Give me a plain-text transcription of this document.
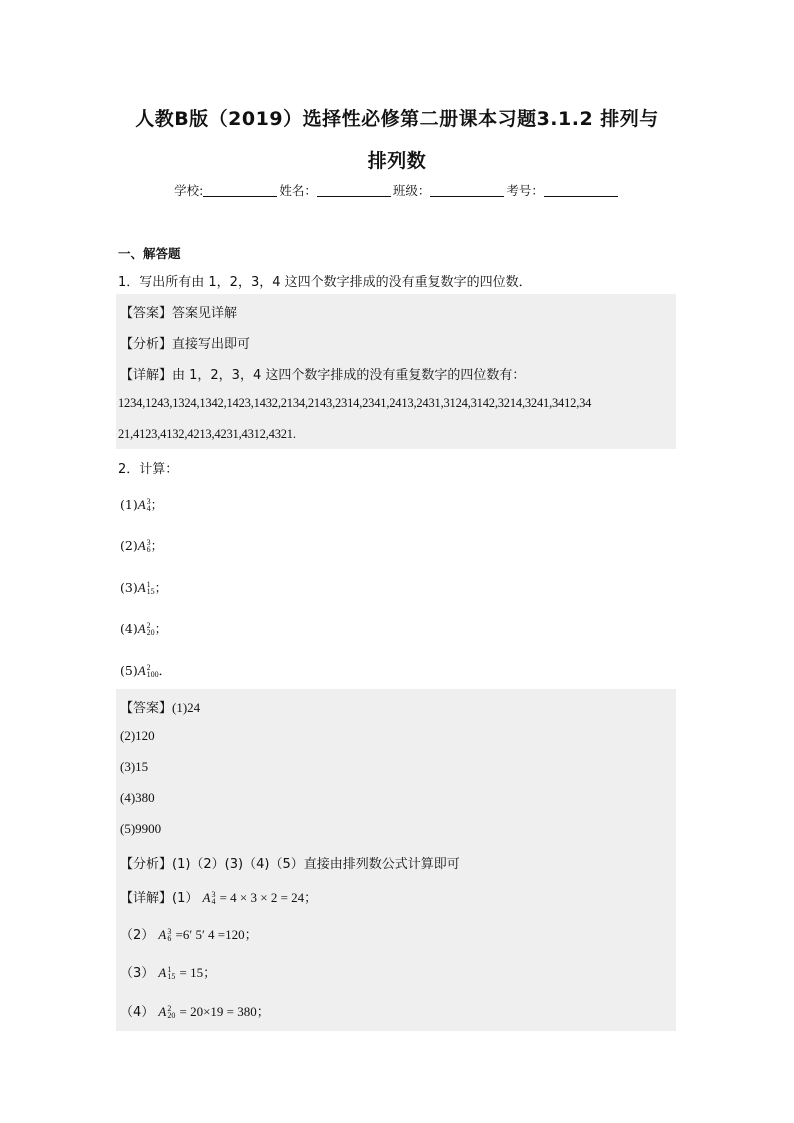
人教B版（2019）选择性必修第二册课本习题3.1.2 排列与
排列数
学校:	姓名：	班级：	考号：
一、解答题
1．写出所有由 1，2，3，4 这四个数字排成的没有重复数字的四位数．
【答案】答案见详解
【分析】直接写出即可
【详解】由 1，2，3，4 这四个数字排成的没有重复数字的四位数有：
1234,1243,1324,1342,1423,1432,2134,2143,2314,2341,2413,2431,3124,3142,3214,3241,3412,34
21,4123,4132,4213,4231,4312,4321.
2．计算：
(1)A 3
4 ；
(2)A 3
6 ；
(3)A 1
15 ；
(4)A 2
20 ；
(5)A 2
100 ．
【答案】(1)24
(2)120
(3)15
(4)380
(5)9900
【分析】(1)（2）(3)（4)（5）直接由排列数公式计算即可
【详解】(1） A 3
4 = 4 × 3 × 2 = 24；
（2） A 3
6 =6′ 5′ 4 =120；
（3） A 1
15 = 15；
（4） A 2
20 = 20×19 = 380；
